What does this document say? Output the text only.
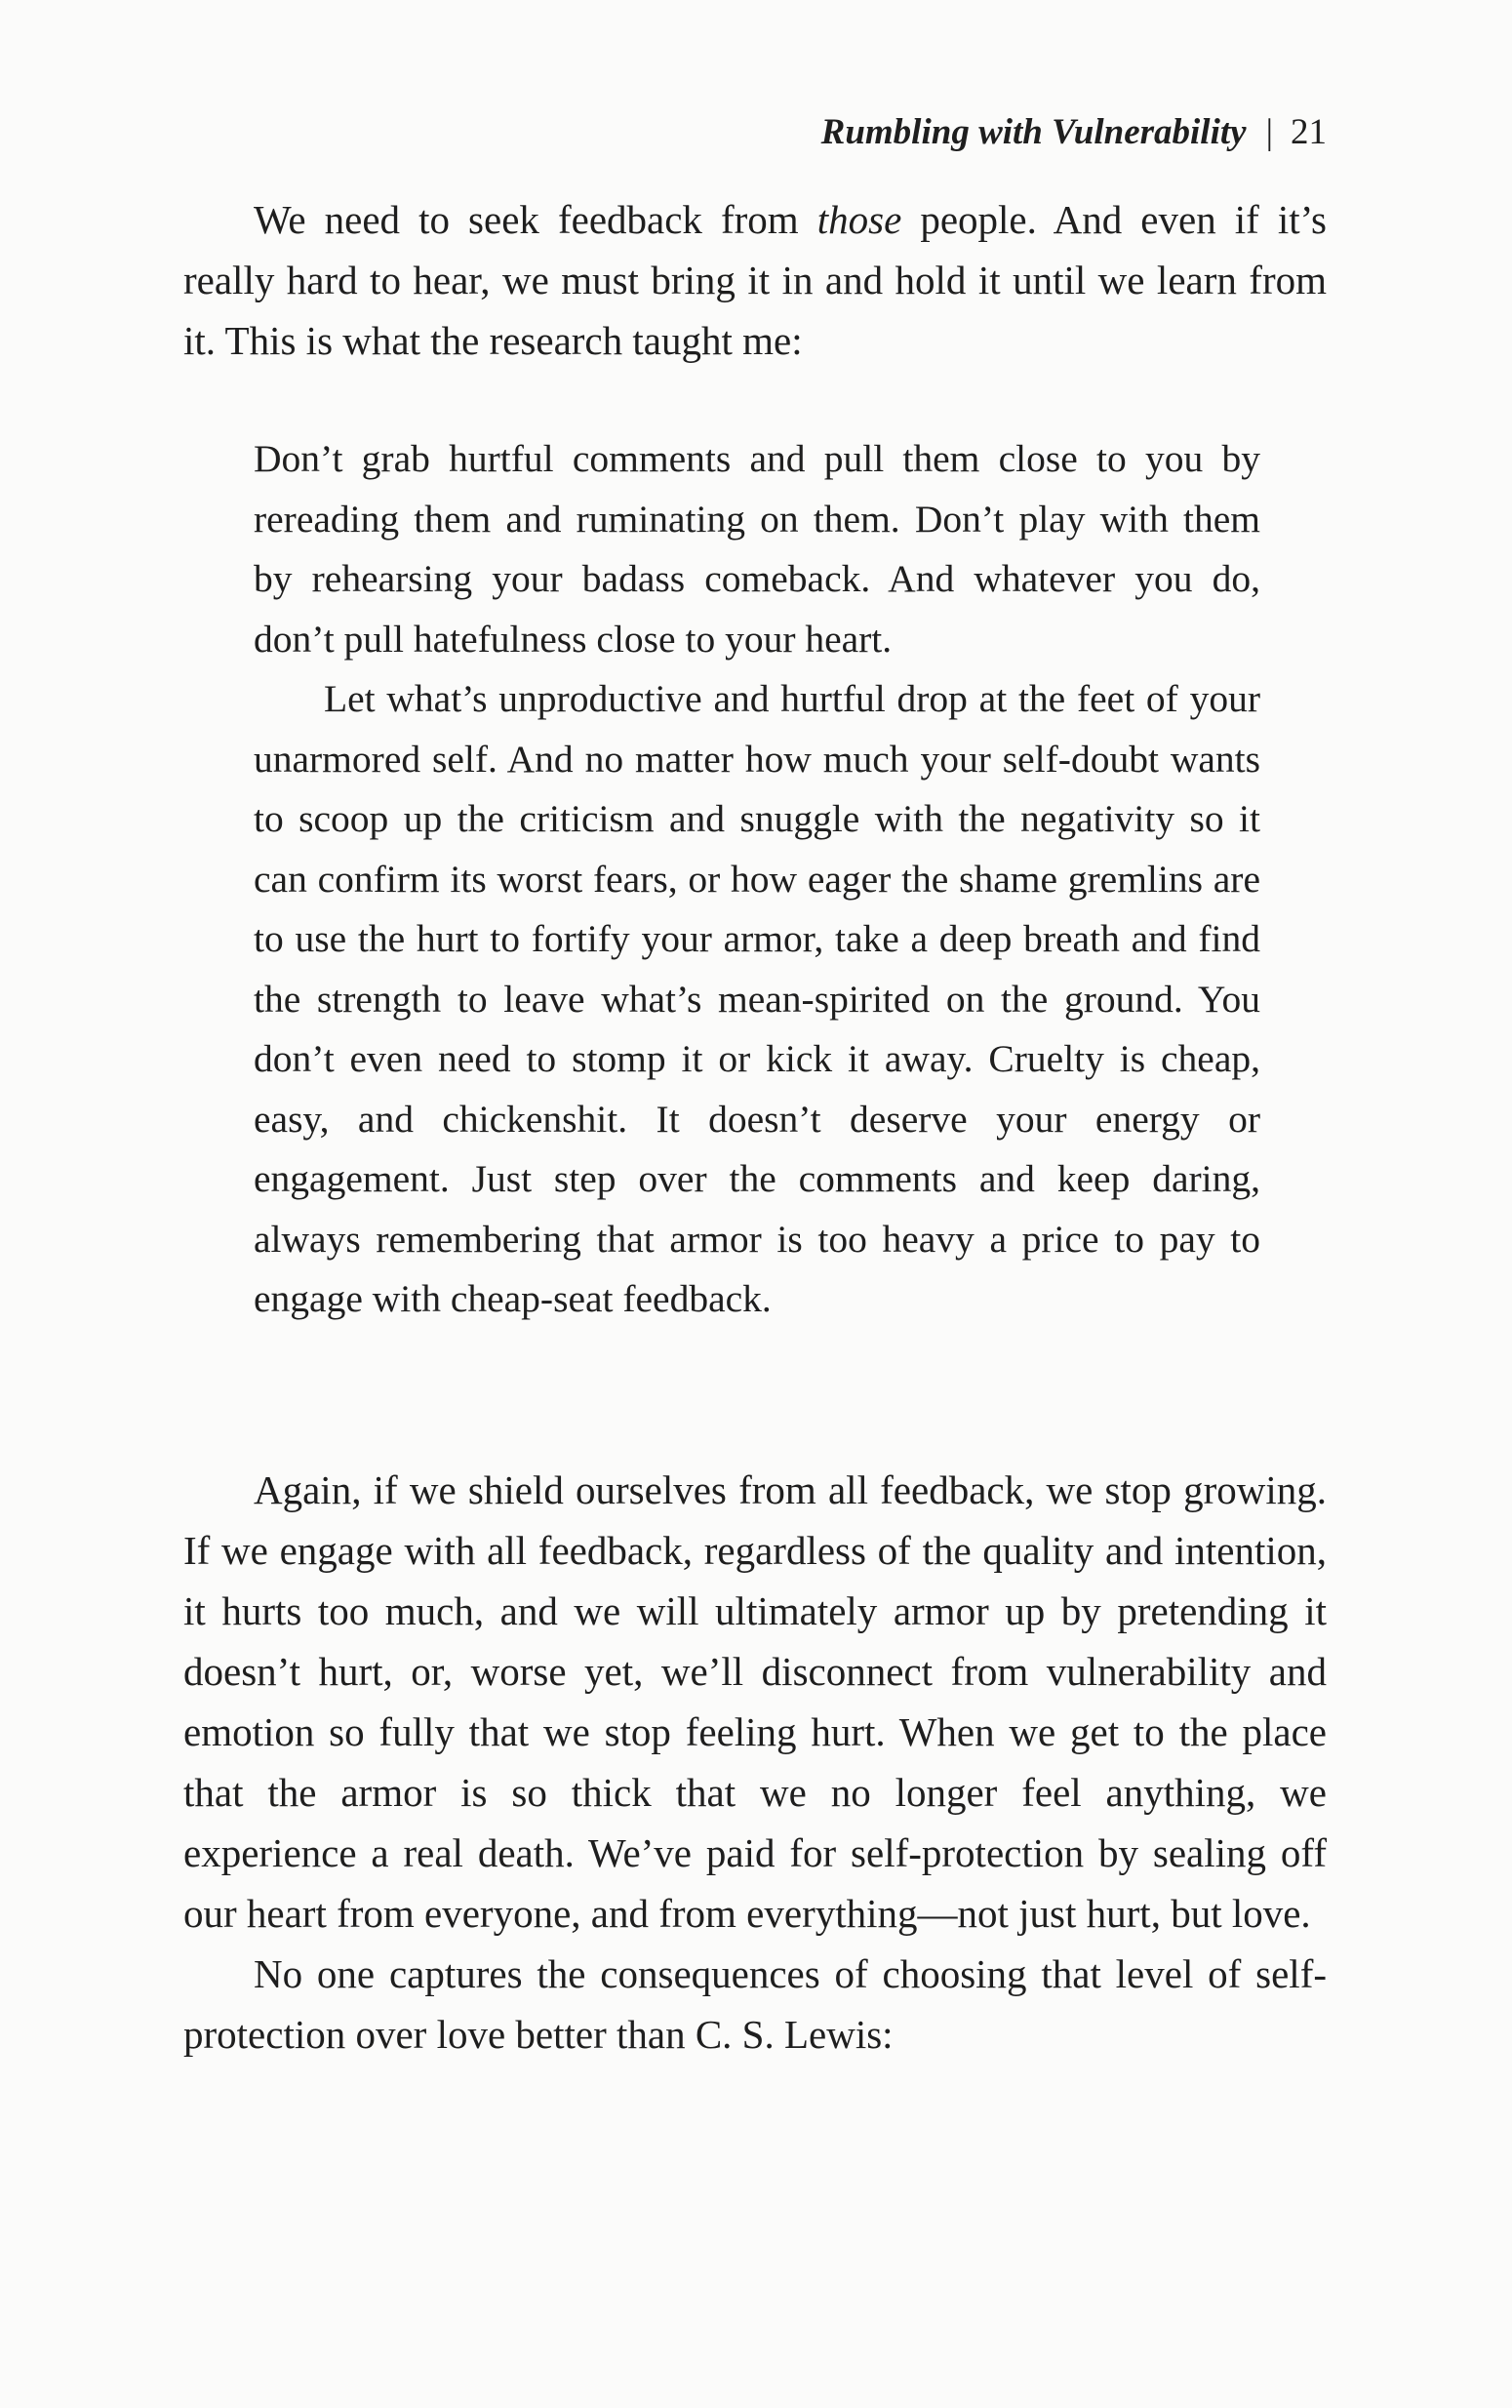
Rumbling with Vulnerability | 21

We need to seek feedback from those people. And even if it’s really hard to hear, we must bring it in and hold it until we learn from it. This is what the research taught me:

Don’t grab hurtful comments and pull them close to you by rereading them and ruminating on them. Don’t play with them by rehearsing your badass comeback. And whatever you do, don’t pull hatefulness close to your heart.

Let what’s unproductive and hurtful drop at the feet of your unarmored self. And no matter how much your self-doubt wants to scoop up the criticism and snuggle with the negativity so it can confirm its worst fears, or how eager the shame gremlins are to use the hurt to fortify your armor, take a deep breath and find the strength to leave what’s mean-spirited on the ground. You don’t even need to stomp it or kick it away. Cruelty is cheap, easy, and chickenshit. It doesn’t deserve your energy or engagement. Just step over the comments and keep daring, always remembering that armor is too heavy a price to pay to engage with cheap-seat feedback.

Again, if we shield ourselves from all feedback, we stop growing. If we engage with all feedback, regardless of the quality and intention, it hurts too much, and we will ultimately armor up by pretending it doesn’t hurt, or, worse yet, we’ll disconnect from vulnerability and emotion so fully that we stop feeling hurt. When we get to the place that the armor is so thick that we no longer feel anything, we experience a real death. We’ve paid for self-protection by sealing off our heart from everyone, and from everything—not just hurt, but love.

No one captures the consequences of choosing that level of self-protection over love better than C. S. Lewis:
